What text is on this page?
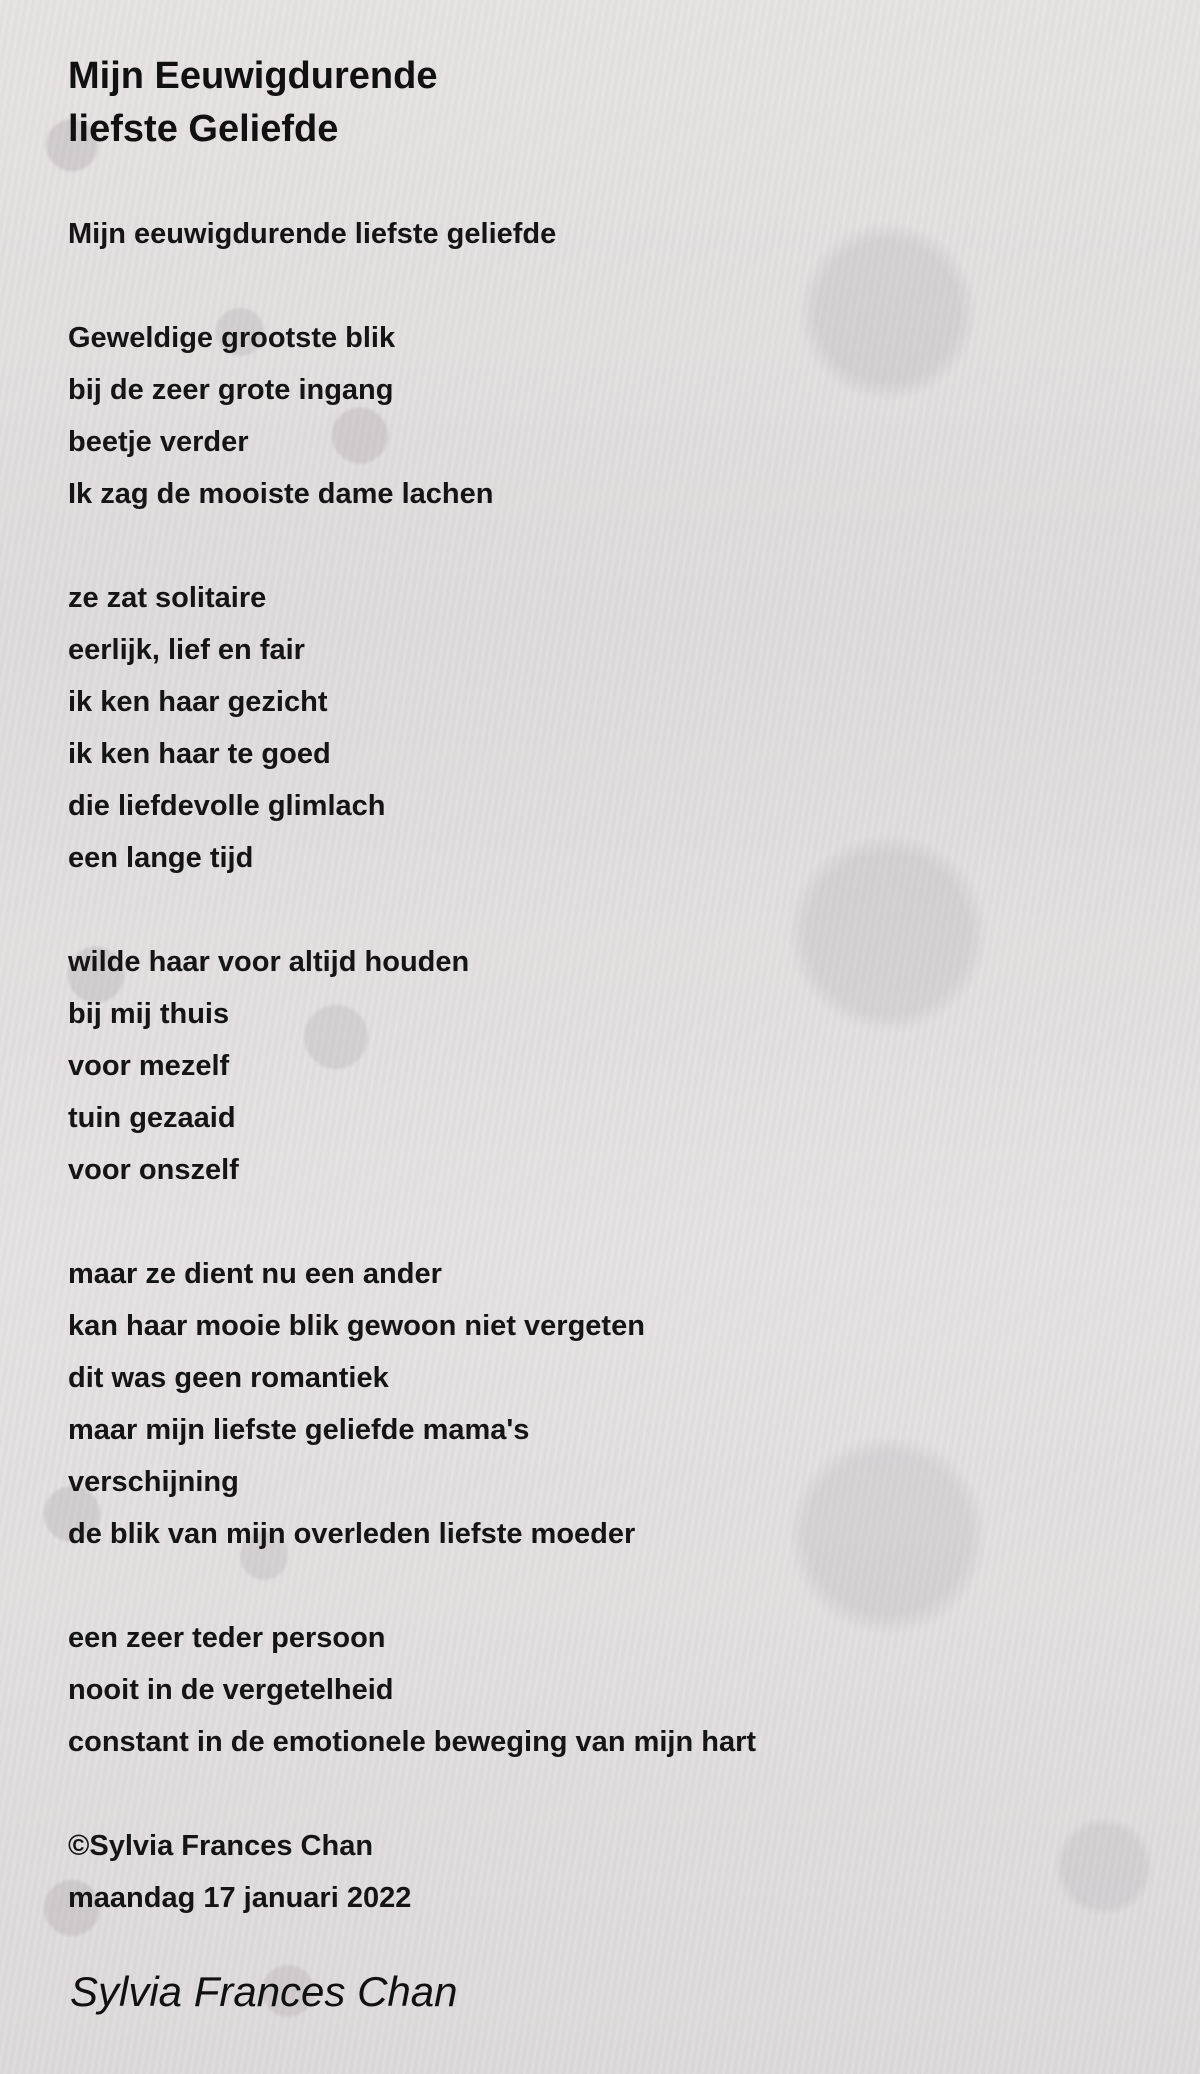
Mijn Eeuwigdurende
liefste Geliefde
Mijn eeuwigdurende liefste geliefde
Geweldige grootste blik
bij de zeer grote ingang
beetje verder
Ik zag de mooiste dame lachen
ze zat solitaire
eerlijk, lief en fair
ik ken haar gezicht
ik ken haar te goed
die liefdevolle glimlach
een lange tijd
wilde haar voor altijd houden
bij mij thuis
voor mezelf
tuin gezaaid
voor onszelf
maar ze dient nu een ander
kan haar mooie blik gewoon niet vergeten
dit was geen romantiek
maar mijn liefste geliefde mama's
verschijning
de blik van mijn overleden liefste moeder
een zeer teder persoon
nooit in de vergetelheid
constant in de emotionele beweging van mijn hart
©Sylvia Frances Chan
maandag 17 januari 2022
Sylvia Frances Chan
